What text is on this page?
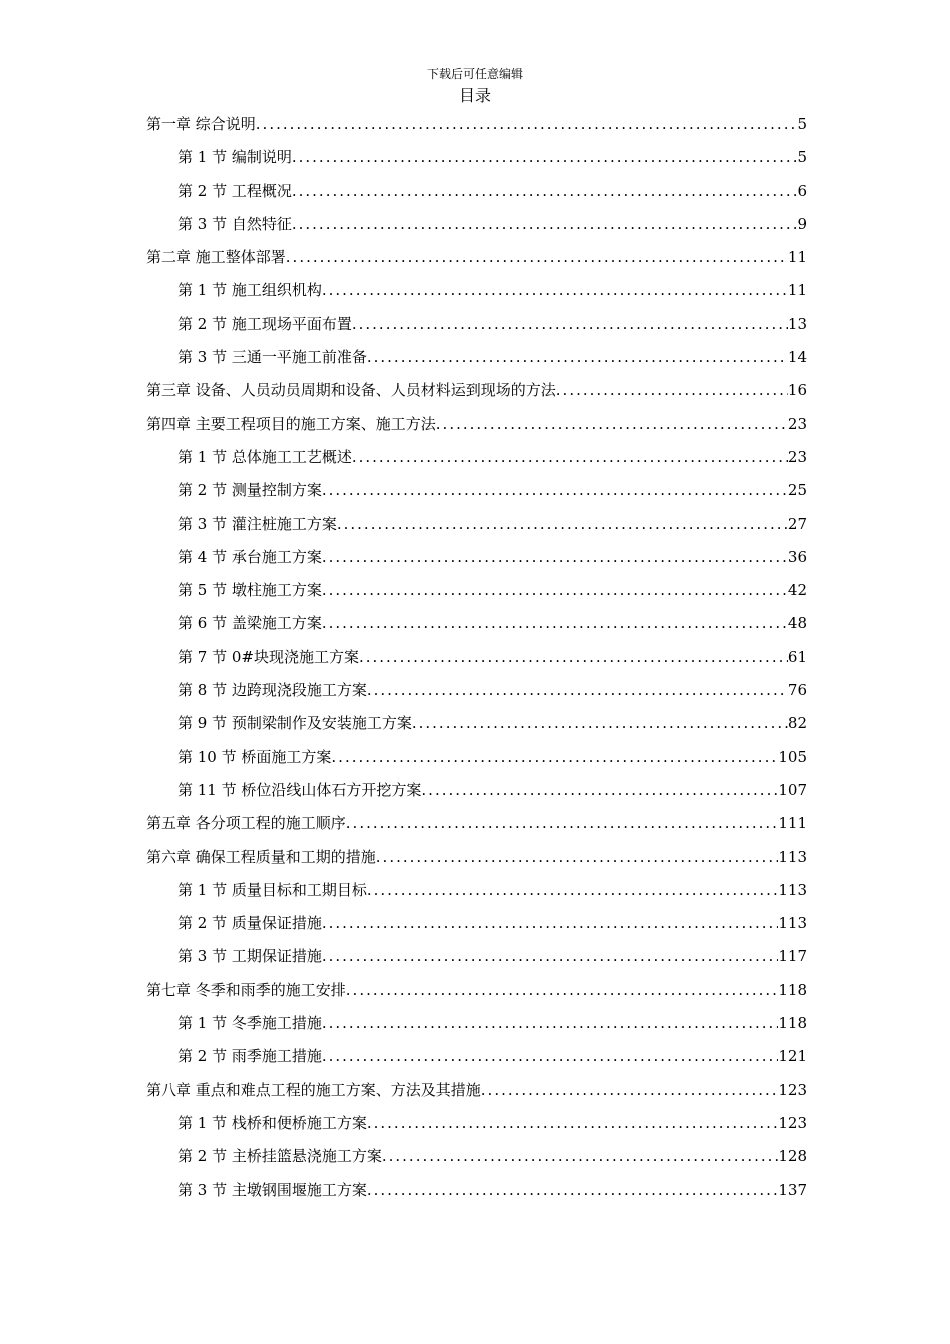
下载后可任意编辑
目录
第一章 综合说明 .....	5
第 1 节 编制说明 .....	5
第 2 节 工程概况 .....	6
第 3 节 自然特征 .....	9
第二章 施工整体部署 .....	11
第 1 节 施工组织机构 .....	11
第 2 节 施工现场平面布置 .....	13
第 3 节 三通一平施工前准备 .....	14
第三章 设备、人员动员周期和设备、人员材料运到现场的方法 .....	16
第四章 主要工程项目的施工方案、施工方法 .....	23
第 1 节 总体施工工艺概述 .....	23
第 2 节 测量控制方案 .....	25
第 3 节 灌注桩施工方案 .....	27
第 4 节 承台施工方案 .....	36
第 5 节 墩柱施工方案 .....	42
第 6 节 盖梁施工方案 .....	48
第 7 节 0#块现浇施工方案 .....	61
第 8 节 边跨现浇段施工方案 .....	76
第 9 节 预制梁制作及安装施工方案 .....	82
第 10 节 桥面施工方案 .....	105
第 11 节 桥位沿线山体石方开挖方案 .....	107
第五章 各分项工程的施工顺序 .....	111
第六章 确保工程质量和工期的措施 .....	113
第 1 节 质量目标和工期目标 .....	113
第 2 节 质量保证措施 .....	113
第 3 节 工期保证措施 .....	117
第七章 冬季和雨季的施工安排 .....	118
第 1 节 冬季施工措施 .....	118
第 2 节 雨季施工措施 .....	121
第八章 重点和难点工程的施工方案、方法及其措施 .....	123
第 1 节 栈桥和便桥施工方案 .....	123
第 2 节 主桥挂篮悬浇施工方案 .....	128
第 3 节 主墩钢围堰施工方案 .....	137
